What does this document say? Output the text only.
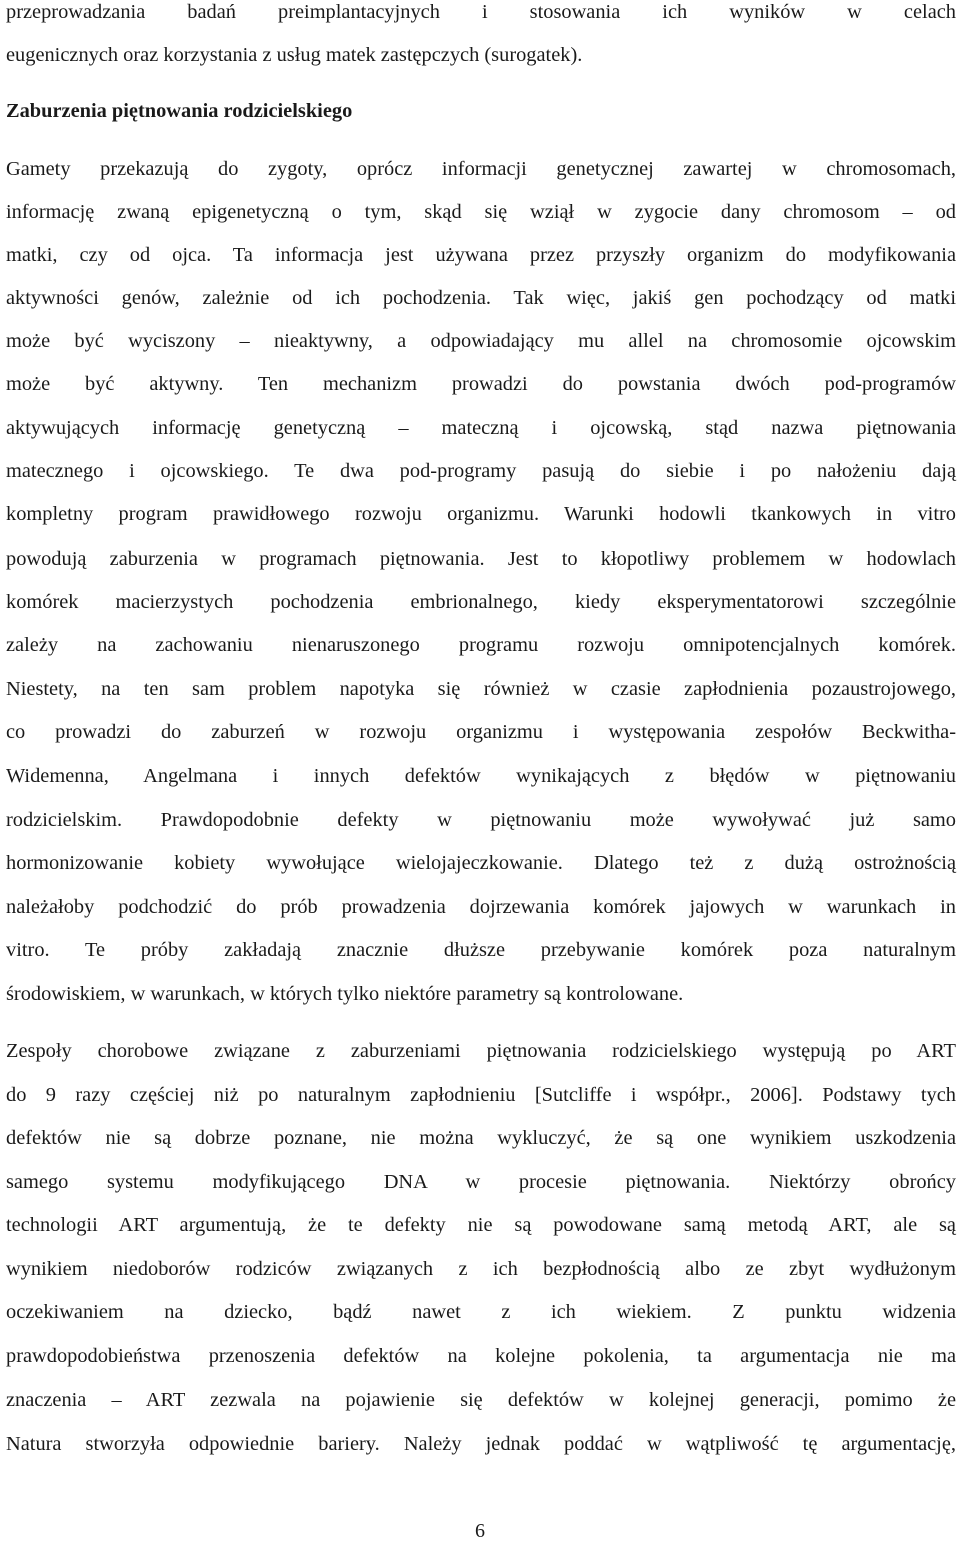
przeprowadzania badań preimplantacyjnych i stosowania ich wyników w celach
eugenicznych oraz korzystania z usług matek zastępczych (surogatek).
Zaburzenia piętnowania rodzicielskiego
Gamety przekazują do zygoty, oprócz informacji genetycznej zawartej w chromosomach,
informację zwaną epigenetyczną o tym, skąd się wziął w zygocie dany chromosom – od
matki, czy od ojca. Ta informacja jest używana przez przyszły organizm do modyfikowania
aktywności genów, zależnie od ich pochodzenia. Tak więc, jakiś gen pochodzący od matki
może być wyciszony – nieaktywny, a odpowiadający mu allel na chromosomie ojcowskim
może być aktywny. Ten mechanizm prowadzi do powstania dwóch pod-programów
aktywujących informację genetyczną – mateczną i ojcowską, stąd nazwa piętnowania
matecznego i ojcowskiego. Te dwa pod-programy pasują do siebie i po nałożeniu dają
kompletny program prawidłowego rozwoju organizmu. Warunki hodowli tkankowych in vitro
powodują zaburzenia w programach piętnowania. Jest to kłopotliwy problemem w hodowlach
komórek macierzystych pochodzenia embrionalnego, kiedy eksperymentatorowi szczególnie
zależy na zachowaniu nienaruszonego programu rozwoju omnipotencjalnych komórek.
Niestety, na ten sam problem napotyka się również w czasie zapłodnienia pozaustrojowego,
co prowadzi do zaburzeń w rozwoju organizmu i występowania zespołów Beckwitha-
Widemenna, Angelmana i innych defektów wynikających z błędów w piętnowaniu
rodzicielskim. Prawdopodobnie defekty w piętnowaniu może wywoływać już samo
hormonizowanie kobiety wywołujące wielojajeczkowanie. Dlatego też z dużą ostrożnością
należałoby podchodzić do prób prowadzenia dojrzewania komórek jajowych w warunkach in
vitro. Te próby zakładają znacznie dłuższe przebywanie komórek poza naturalnym
środowiskiem, w warunkach, w których tylko niektóre parametry są kontrolowane.
Zespoły chorobowe związane z zaburzeniami piętnowania rodzicielskiego występują po ART
do 9 razy częściej niż po naturalnym zapłodnieniu [Sutcliffe i współpr., 2006]. Podstawy tych
defektów nie są dobrze poznane, nie można wykluczyć, że są one wynikiem uszkodzenia
samego systemu modyfikującego DNA w procesie piętnowania. Niektórzy obrońcy
technologii ART argumentują, że te defekty nie są powodowane samą metodą ART, ale są
wynikiem niedoborów rodziców związanych z ich bezpłodnością albo ze zbyt wydłużonym
oczekiwaniem na dziecko, bądź nawet z ich wiekiem. Z punktu widzenia
prawdopodobieństwa przenoszenia defektów na kolejne pokolenia, ta argumentacja nie ma
znaczenia – ART zezwala na pojawienie się defektów w kolejnej generacji, pomimo że
Natura stworzyła odpowiednie bariery. Należy jednak poddać w wątpliwość tę argumentację,
6
